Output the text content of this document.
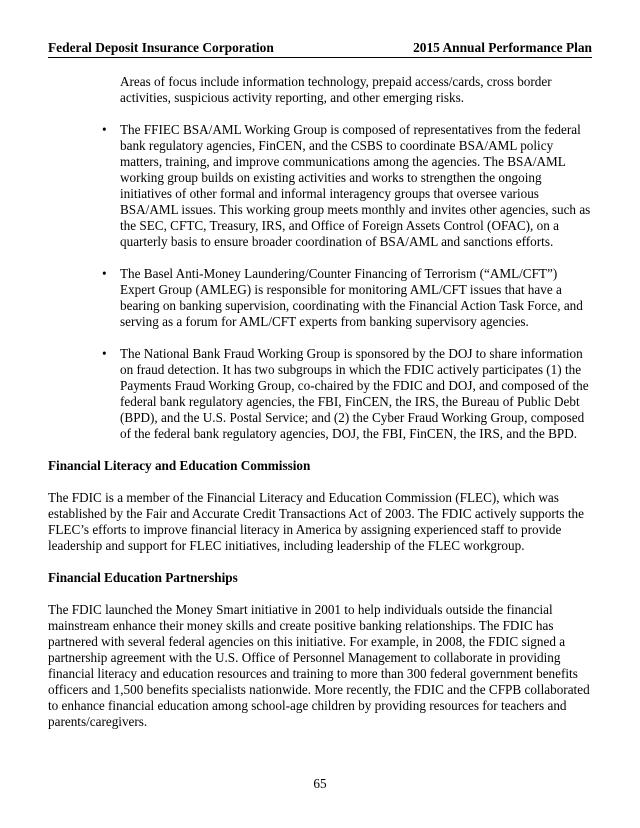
Federal Deposit Insurance Corporation	2015 Annual Performance Plan
Areas of focus include information technology, prepaid access/cards, cross border activities, suspicious activity reporting, and other emerging risks.
• The FFIEC BSA/AML Working Group is composed of representatives from the federal bank regulatory agencies, FinCEN, and the CSBS to coordinate BSA/AML policy matters, training, and improve communications among the agencies. The BSA/AML working group builds on existing activities and works to strengthen the ongoing initiatives of other formal and informal interagency groups that oversee various BSA/AML issues. This working group meets monthly and invites other agencies, such as the SEC, CFTC, Treasury, IRS, and Office of Foreign Assets Control (OFAC), on a quarterly basis to ensure broader coordination of BSA/AML and sanctions efforts.
• The Basel Anti-Money Laundering/Counter Financing of Terrorism (“AML/CFT”) Expert Group (AMLEG) is responsible for monitoring AML/CFT issues that have a bearing on banking supervision, coordinating with the Financial Action Task Force, and serving as a forum for AML/CFT experts from banking supervisory agencies.
• The National Bank Fraud Working Group is sponsored by the DOJ to share information on fraud detection. It has two subgroups in which the FDIC actively participates (1) the Payments Fraud Working Group, co-chaired by the FDIC and DOJ, and composed of the federal bank regulatory agencies, the FBI, FinCEN, the IRS, the Bureau of Public Debt (BPD), and the U.S. Postal Service; and (2) the Cyber Fraud Working Group, composed of the federal bank regulatory agencies, DOJ, the FBI, FinCEN, the IRS, and the BPD.
Financial Literacy and Education Commission

The FDIC is a member of the Financial Literacy and Education Commission (FLEC), which was established by the Fair and Accurate Credit Transactions Act of 2003. The FDIC actively supports the FLEC’s efforts to improve financial literacy in America by assigning experienced staff to provide leadership and support for FLEC initiatives, including leadership of the FLEC workgroup.

Financial Education Partnerships

The FDIC launched the Money Smart initiative in 2001 to help individuals outside the financial mainstream enhance their money skills and create positive banking relationships. The FDIC has partnered with several federal agencies on this initiative. For example, in 2008, the FDIC signed a partnership agreement with the U.S. Office of Personnel Management to collaborate in providing financial literacy and education resources and training to more than 300 federal government benefits officers and 1,500 benefits specialists nationwide. More recently, the FDIC and the CFPB collaborated to enhance financial education among school-age children by providing resources for teachers and parents/caregivers.

65
